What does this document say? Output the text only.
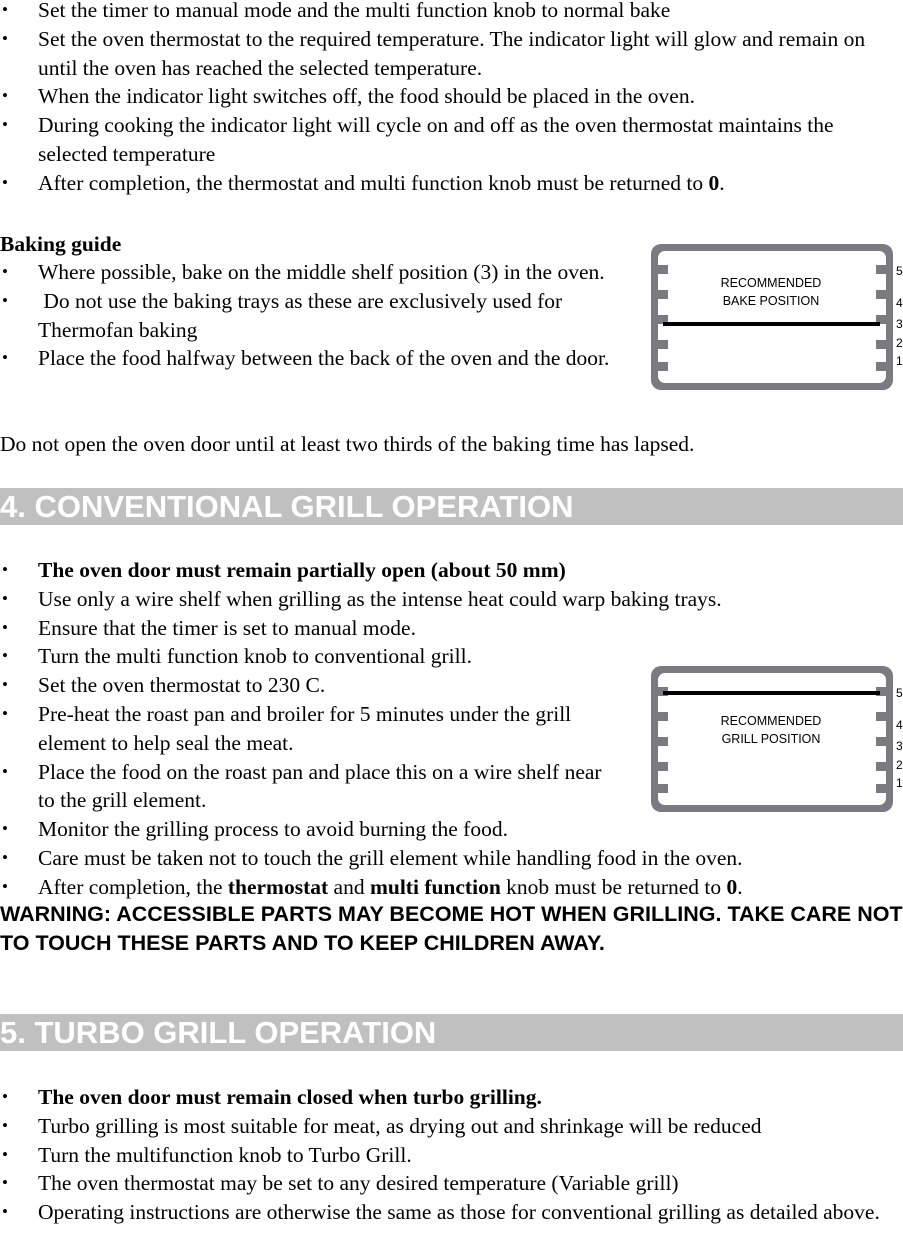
• Set the timer to manual mode and the multi function knob to normal bake
• Set the oven thermostat to the required temperature. The indicator light will glow and remain on until the oven has reached the selected temperature.
• When the indicator light switches off, the food should be placed in the oven.
• During cooking the indicator light will cycle on and off as the oven thermostat maintains the selected temperature
• After completion, the thermostat and multi function knob must be returned to 0.
Baking guide
• Where possible, bake on the middle shelf position (3) in the oven.
• Do not use the baking trays as these are exclusively used for Thermofan baking
• Place the food halfway between the back of the oven and the door.
Do not open the oven door until at least two thirds of the baking time has lapsed.
RECOMMENDED
BAKE POSITION
5
4
3
2
1
4. CONVENTIONAL GRILL OPERATION
• The oven door must remain partially open (about 50 mm)
• Use only a wire shelf when grilling as the intense heat could warp baking trays.
• Ensure that the timer is set to manual mode.
• Turn the multi function knob to conventional grill.
• Set the oven thermostat to 230 C.
• Pre-heat the roast pan and broiler for 5 minutes under the grill element to help seal the meat.
• Place the food on the roast pan and place this on a wire shelf near to the grill element.
• Monitor the grilling process to avoid burning the food.
• Care must be taken not to touch the grill element while handling food in the oven.
• After completion, the thermostat and multi function knob must be returned to 0.
RECOMMENDED
GRILL POSITION
5
4
3
2
1
WARNING: ACCESSIBLE PARTS MAY BECOME HOT WHEN GRILLING. TAKE CARE NOT TO TOUCH THESE PARTS AND TO KEEP CHILDREN AWAY.
5. TURBO GRILL OPERATION
• The oven door must remain closed when turbo grilling.
• Turbo grilling is most suitable for meat, as drying out and shrinkage will be reduced
• Turn the multifunction knob to Turbo Grill.
• The oven thermostat may be set to any desired temperature (Variable grill)
• Operating instructions are otherwise the same as those for conventional grilling as detailed above.
